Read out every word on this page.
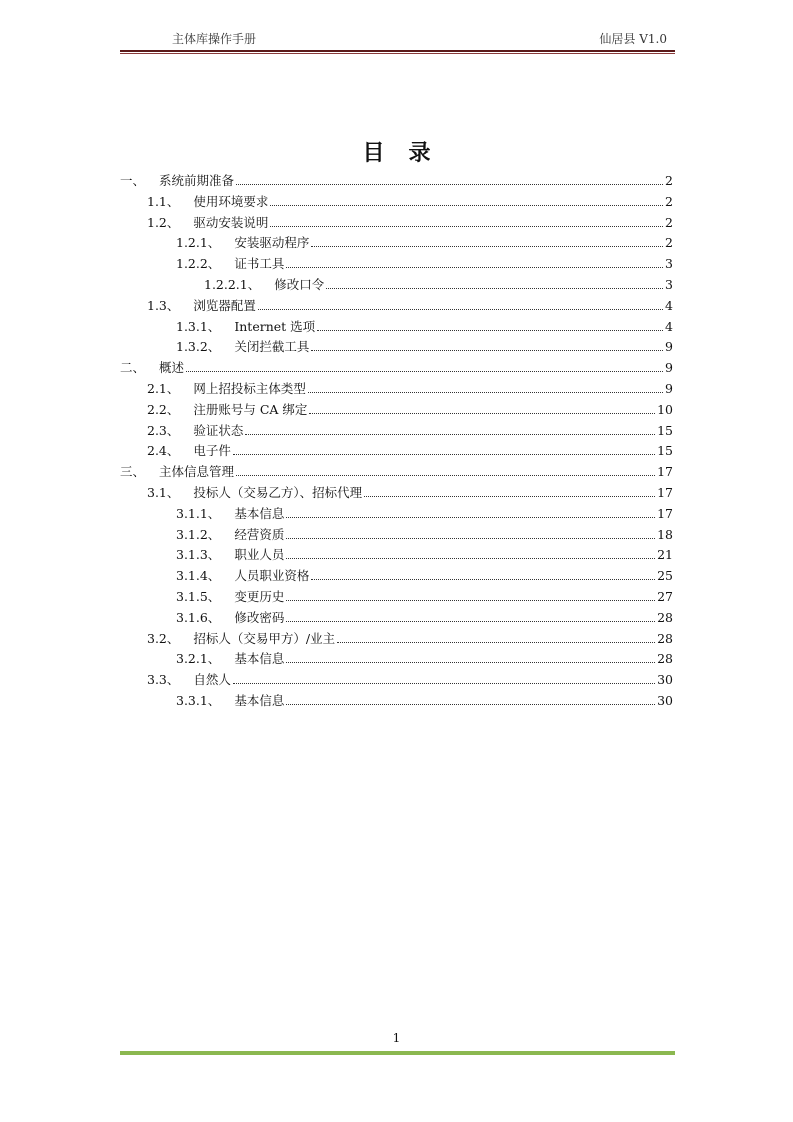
主体库操作手册	仙居县 V1.0
目录
一、 系统前期准备	2
1.1、 使用环境要求	2
1.2、 驱动安装说明	2
1.2.1、 安装驱动程序	2
1.2.2、 证书工具	3
1.2.2.1、 修改口令	3
1.3、 浏览器配置	4
1.3.1、 Internet 选项	4
1.3.2、 关闭拦截工具	9
二、 概述	9
2.1、 网上招投标主体类型	9
2.2、 注册账号与 CA 绑定	10
2.3、 验证状态	15
2.4、 电子件	15
三、 主体信息管理	17
3.1、 投标人（交易乙方）、招标代理	17
3.1.1、 基本信息	17
3.1.2、 经营资质	18
3.1.3、 职业人员	21
3.1.4、 人员职业资格	25
3.1.5、 变更历史	27
3.1.6、 修改密码	28
3.2、 招标人（交易甲方）/业主	28
3.2.1、 基本信息	28
3.3、 自然人	30
3.3.1、 基本信息	30
1
